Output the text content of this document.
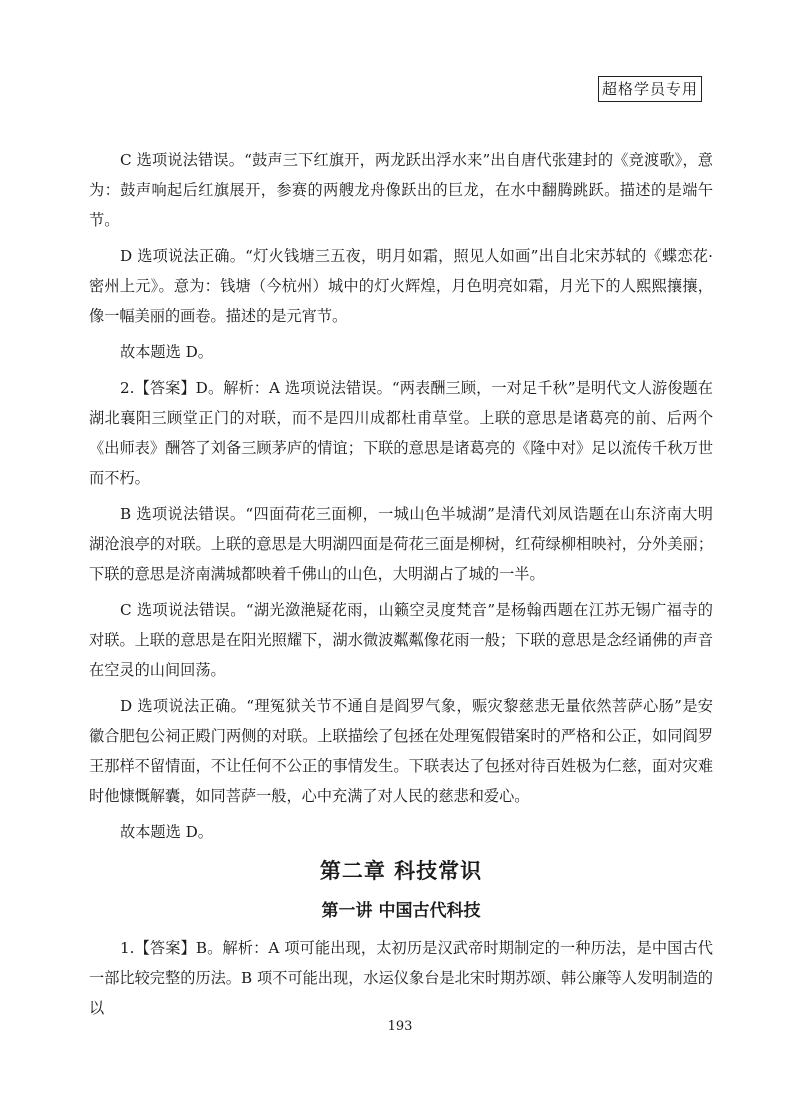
超格学员专用

C 选项说法错误。“鼓声三下红旗开，两龙跃出浮水来”出自唐代张建封的《竞渡歌》，意为：鼓声响起后红旗展开，参赛的两艘龙舟像跃出的巨龙，在水中翻腾跳跃。描述的是端午节。

D 选项说法正确。“灯火钱塘三五夜，明月如霜，照见人如画”出自北宋苏轼的《蝶恋花·密州上元》。意为：钱塘（今杭州）城中的灯火辉煌，月色明亮如霜，月光下的人熙熙攘攘，像一幅美丽的画卷。描述的是元宵节。

故本题选 D。

2.【答案】D。解析：A 选项说法错误。“两表酬三顾，一对足千秋”是明代文人游俊题在湖北襄阳三顾堂正门的对联，而不是四川成都杜甫草堂。上联的意思是诸葛亮的前、后两个《出师表》酬答了刘备三顾茅庐的情谊；下联的意思是诸葛亮的《隆中对》足以流传千秋万世而不朽。

B 选项说法错误。“四面荷花三面柳，一城山色半城湖”是清代刘凤诰题在山东济南大明湖沧浪亭的对联。上联的意思是大明湖四面是荷花三面是柳树，红荷绿柳相映衬，分外美丽；下联的意思是济南满城都映着千佛山的山色，大明湖占了城的一半。

C 选项说法错误。“湖光潋滟疑花雨，山籁空灵度梵音”是杨翰西题在江苏无锡广福寺的对联。上联的意思是在阳光照耀下，湖水微波粼粼像花雨一般；下联的意思是念经诵佛的声音在空灵的山间回荡。

D 选项说法正确。“理冤狱关节不通自是阎罗气象，赈灾黎慈悲无量依然菩萨心肠”是安徽合肥包公祠正殿门两侧的对联。上联描绘了包拯在处理冤假错案时的严格和公正，如同阎罗王那样不留情面，不让任何不公正的事情发生。下联表达了包拯对待百姓极为仁慈，面对灾难时他慷慨解囊，如同菩萨一般，心中充满了对人民的慈悲和爱心。

故本题选 D。

第二章 科技常识
第一讲 中国古代科技

1.【答案】B。解析：A 项可能出现，太初历是汉武帝时期制定的一种历法，是中国古代一部比较完整的历法。B 项不可能出现，水运仪象台是北宋时期苏颂、韩公廉等人发明制造的以

193
